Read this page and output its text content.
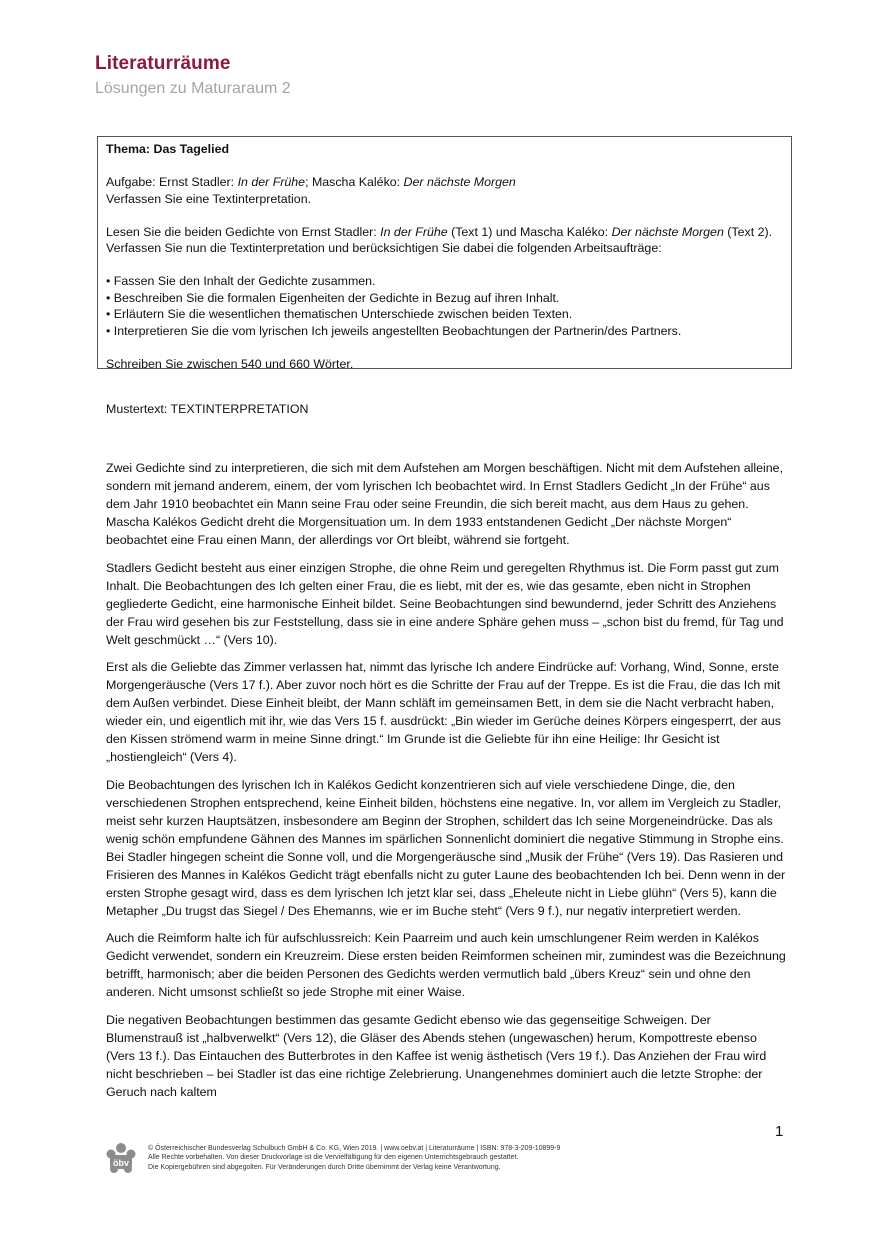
Literaturräume
Lösungen zu Maturaraum 2

Thema: Das Tagelied

Aufgabe: Ernst Stadler: In der Frühe; Mascha Kaléko: Der nächste Morgen

Verfassen Sie eine Textinterpretation.

Lesen Sie die beiden Gedichte von Ernst Stadler: In der Frühe (Text 1) und Mascha Kaléko: Der nächste Morgen (Text 2).

Verfassen Sie nun die Textinterpretation und berücksichtigen Sie dabei die folgenden Arbeitsaufträge:

• Fassen Sie den Inhalt der Gedichte zusammen.

• Beschreiben Sie die formalen Eigenheiten der Gedichte in Bezug auf ihren Inhalt.

• Erläutern Sie die wesentlichen thematischen Unterschiede zwischen beiden Texten.

• Interpretieren Sie die vom lyrischen Ich jeweils angestellten Beobachtungen der Partnerin/des Partners.

Schreiben Sie zwischen 540 und 660 Wörter.

Mustertext: TEXTINTERPRETATION

Zwei Gedichte sind zu interpretieren, die sich mit dem Aufstehen am Morgen beschäftigen. Nicht mit dem Aufstehen alleine, sondern mit jemand anderem, einem, der vom lyrischen Ich beobachtet wird. In Ernst Stadlers Gedicht „In der Frühe“ aus dem Jahr 1910 beobachtet ein Mann seine Frau oder seine Freundin, die sich bereit macht, aus dem Haus zu gehen. Mascha Kalékos Gedicht dreht die Morgensituation um. In dem 1933 entstandenen Gedicht „Der nächste Morgen“ beobachtet eine Frau einen Mann, der allerdings vor Ort bleibt, während sie fortgeht.

Stadlers Gedicht besteht aus einer einzigen Strophe, die ohne Reim und geregelten Rhythmus ist. Die Form passt gut zum Inhalt. Die Beobachtungen des Ich gelten einer Frau, die es liebt, mit der es, wie das gesamte, eben nicht in Strophen gegliederte Gedicht, eine harmonische Einheit bildet. Seine Beobachtungen sind bewundernd, jeder Schritt des Anziehens der Frau wird gesehen bis zur Feststellung, dass sie in eine andere Sphäre gehen muss – „schon bist du fremd, für Tag und Welt geschmückt …“ (Vers 10).

Erst als die Geliebte das Zimmer verlassen hat, nimmt das lyrische Ich andere Eindrücke auf: Vorhang, Wind, Sonne, erste Morgengeräusche (Vers 17 f.). Aber zuvor noch hört es die Schritte der Frau auf der Treppe. Es ist die Frau, die das Ich mit dem Außen verbindet. Diese Einheit bleibt, der Mann schläft im gemeinsamen Bett, in dem sie die Nacht verbracht haben, wieder ein, und eigentlich mit ihr, wie das Vers 15 f. ausdrückt: „Bin wieder im Gerüche deines Körpers eingesperrt, der aus den Kissen strömend warm in meine Sinne dringt.“ Im Grunde ist die Geliebte für ihn eine Heilige: Ihr Gesicht ist „hostiengleich“ (Vers 4).

Die Beobachtungen des lyrischen Ich in Kalékos Gedicht konzentrieren sich auf viele verschiedene Dinge, die, den verschiedenen Strophen entsprechend, keine Einheit bilden, höchstens eine negative. In, vor allem im Vergleich zu Stadler, meist sehr kurzen Hauptsätzen, insbesondere am Beginn der Strophen, schildert das Ich seine Morgeneindrücke. Das als wenig schön empfundene Gähnen des Mannes im spärlichen Sonnenlicht dominiert die negative Stimmung in Strophe eins. Bei Stadler hingegen scheint die Sonne voll, und die Morgengeräusche sind „Musik der Frühe“ (Vers 19). Das Rasieren und Frisieren des Mannes in Kalékos Gedicht trägt ebenfalls nicht zu guter Laune des beobachtenden Ich bei. Denn wenn in der ersten Strophe gesagt wird, dass es dem lyrischen Ich jetzt klar sei, dass „Eheleute nicht in Liebe glühn“ (Vers 5), kann die Metapher „Du trugst das Siegel / Des Ehemanns, wie er im Buche steht“ (Vers 9 f.), nur negativ interpretiert werden.

Auch die Reimform halte ich für aufschlussreich: Kein Paarreim und auch kein umschlungener Reim werden in Kalékos Gedicht verwendet, sondern ein Kreuzreim. Diese ersten beiden Reimformen scheinen mir, zumindest was die Bezeichnung betrifft, harmonisch; aber die beiden Personen des Gedichts werden vermutlich bald „übers Kreuz“ sein und ohne den anderen. Nicht umsonst schließt so jede Strophe mit einer Waise.

Die negativen Beobachtungen bestimmen das gesamte Gedicht ebenso wie das gegenseitige Schweigen. Der Blumenstrauß ist „halbverwelkt“ (Vers 12), die Gläser des Abends stehen (ungewaschen) herum, Kompottreste ebenso (Vers 13 f.). Das Eintauchen des Butterbrotes in den Kaffee ist wenig ästhetisch (Vers 19 f.). Das Anziehen der Frau wird nicht beschrieben – bei Stadler ist das eine richtige Zelebrierung. Unangenehmes dominiert auch die letzte Strophe: der Geruch nach kaltem

1
öbv
© Österreichischer Bundesverlag Schulbuch GmbH & Co. KG, Wien 2019. | www.oebv.at | Literaturräume | ISBN: 978-3-209-10899-9
Alle Rechte vorbehalten. Von dieser Druckvorlage ist die Vervielfältigung für den eigenen Unterrichtsgebrauch gestattet.
Die Kopiergebühren sind abgegolten. Für Veränderungen durch Dritte übernimmt der Verlag keine Verantwortung.
